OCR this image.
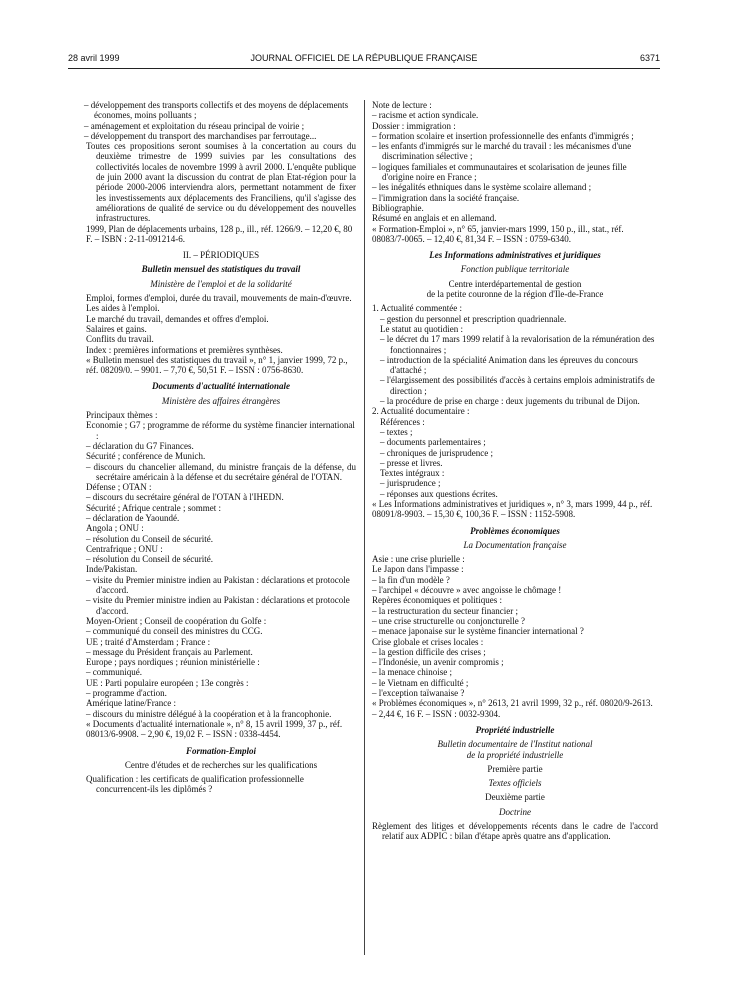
28 avril 1999	JOURNAL OFFICIEL DE LA RÉPUBLIQUE FRANÇAISE	6371
– développement des transports collectifs et des moyens de déplacements économes, moins polluants ;
– aménagement et exploitation du réseau principal de voirie ;
– développement du transport des marchandises par ferroutage...
Toutes ces propositions seront soumises à la concertation au cours du deuxième trimestre de 1999 suivies par les consultations des collectivités locales de novembre 1999 à avril 2000. L'enquête publique de juin 2000 avant la discussion du contrat de plan Etat-région pour la période 2000-2006 interviendra alors, permettant notamment de fixer les investissements aux déplacements des Franciliens, qu'il s'agisse des améliorations de qualité de service ou du développement des nouvelles infrastructures.
1999, Plan de déplacements urbains, 128 p., ill., réf. 1266/9. – 12,20 €, 80 F. – ISBN : 2-11-091214-6.
II. – PÉRIODIQUES
Bulletin mensuel des statistiques du travail
Ministère de l'emploi et de la solidarité
Emploi, formes d'emploi, durée du travail, mouvements de main-d'œuvre.
Les aides à l'emploi.
Le marché du travail, demandes et offres d'emploi.
Salaires et gains.
Conflits du travail.
Index : premières informations et premières synthèses.
« Bulletin mensuel des statistiques du travail », n° 1, janvier 1999, 72 p., réf. 08209/0. – 9901. – 7,70 €, 50,51 F. – ISSN : 0756-8630.
Documents d'actualité internationale
Ministère des affaires étrangères
Principaux thèmes :
Economie ; G7 ; programme de réforme du système financier international :
– déclaration du G7 Finances.
Sécurité ; conférence de Munich.
– discours du chancelier allemand, du ministre français de la défense, du secrétaire américain à la défense et du secrétaire général de l'OTAN.
Défense ; OTAN :
– discours du secrétaire général de l'OTAN à l'IHEDN.
Sécurité ; Afrique centrale ; sommet :
– déclaration de Yaoundé.
Angola ; ONU :
– résolution du Conseil de sécurité.
Centrafrique ; ONU :
– résolution du Conseil de sécurité.
Inde/Pakistan.
– visite du Premier ministre indien au Pakistan : déclarations et protocole d'accord.
– visite du Premier ministre indien au Pakistan : déclarations et protocole d'accord.
Moyen-Orient ; Conseil de coopération du Golfe :
– communiqué du conseil des ministres du CCG.
UE ; traité d'Amsterdam ; France :
– message du Président français au Parlement.
Europe ; pays nordiques ; réunion ministérielle :
– communiqué.
UE : Parti populaire européen ; 13e congrès :
– programme d'action.
Amérique latine/France :
– discours du ministre délégué à la coopération et à la francophonie.
« Documents d'actualité internationale », n° 8, 15 avril 1999, 37 p., réf. 08013/6-9908. – 2,90 €, 19,02 F. – ISSN : 0338-4454.
Formation-Emploi
Centre d'études et de recherches sur les qualifications
Qualification : les certificats de qualification professionnelle concurrencent-ils les diplômés ?
Note de lecture :
– racisme et action syndicale.
Dossier : immigration :
– formation scolaire et insertion professionnelle des enfants d'immigrés ;
– les enfants d'immigrés sur le marché du travail : les mécanismes d'une discrimination sélective ;
– logiques familiales et communautaires et scolarisation de jeunes fille d'origine noire en France ;
– les inégalités ethniques dans le système scolaire allemand ;
– l'immigration dans la société française.
Bibliographie.
Résumé en anglais et en allemand.
« Formation-Emploi », n° 65, janvier-mars 1999, 150 p., ill., stat., réf. 08083/7-0065. – 12,40 €, 81,34 F. – ISSN : 0759-6340.
Les Informations administratives et juridiques
Fonction publique territoriale
Centre interdépartemental de gestion
de la petite couronne de la région d'Ile-de-France
1. Actualité commentée :
– gestion du personnel et prescription quadriennale.
Le statut au quotidien :
– le décret du 17 mars 1999 relatif à la revalorisation de la rémunération des fonctionnaires ;
– introduction de la spécialité Animation dans les épreuves du concours d'attaché ;
– l'élargissement des possibilités d'accès à certains emplois administratifs de direction ;
– la procédure de prise en charge : deux jugements du tribunal de Dijon.
2. Actualité documentaire :
Références :
– textes ;
– documents parlementaires ;
– chroniques de jurisprudence ;
– presse et livres.
Textes intégraux :
– jurisprudence ;
– réponses aux questions écrites.
« Les Informations administratives et juridiques », n° 3, mars 1999, 44 p., réf. 08091/8-9903. – 15,30 €, 100,36 F. – ISSN : 1152-5908.
Problèmes économiques
La Documentation française
Asie : une crise plurielle :
Le Japon dans l'impasse :
– la fin d'un modèle ?
– l'archipel « découvre » avec angoisse le chômage !
Repères économiques et politiques :
– la restructuration du secteur financier ;
– une crise structurelle ou conjoncturelle ?
– menace japonaise sur le système financier international ?
Crise globale et crises locales :
– la gestion difficile des crises ;
– l'Indonésie, un avenir compromis ;
– la menace chinoise ;
– le Vietnam en difficulté ;
– l'exception taïwanaise ?
« Problèmes économiques », n° 2613, 21 avril 1999, 32 p., réf. 08020/9-2613. – 2,44 €, 16 F. – ISSN : 0032-9304.
Propriété industrielle
Bulletin documentaire de l'Institut national
de la propriété industrielle
Première partie
Textes officiels
Deuxième partie
Doctrine
Règlement des litiges et développements récents dans le cadre de l'accord relatif aux ADPIC : bilan d'étape après quatre ans d'application.
